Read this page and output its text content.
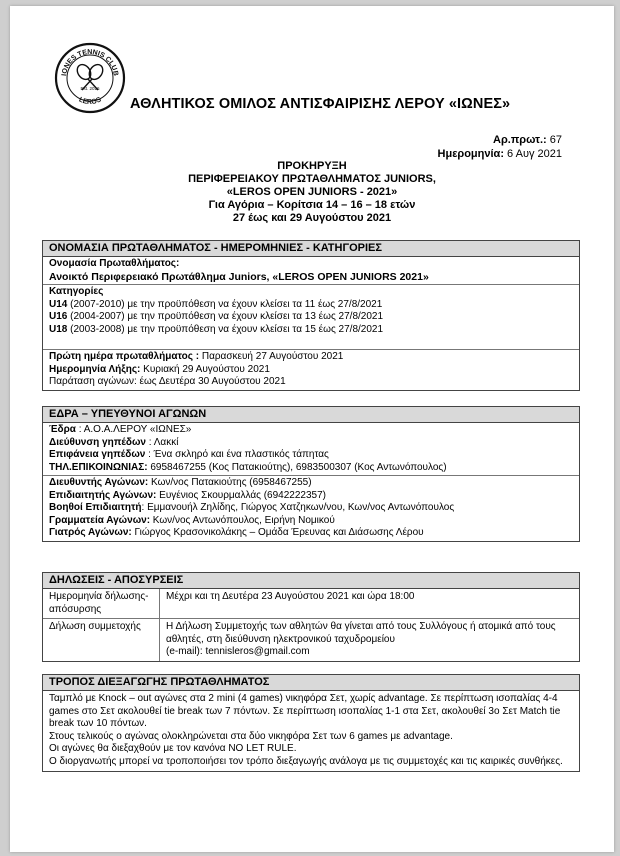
IONES TENNIS CLUB
LEROS
Est. 2016
ΑΘΛΗΤΙΚΟΣ ΟΜΙΛΟΣ ΑΝΤΙΣΦΑΙΡΙΣΗΣ ΛΕΡΟΥ «ΙΩΝΕΣ»
Αρ.πρωτ.: 67
Ημερομηνία: 6 Αυγ 2021
ΠΡΟΚΗΡΥΞΗ
ΠΕΡΙΦΕΡΕΙΑΚΟΥ ΠΡΩΤΑΘΛΗΜΑΤΟΣ JUNIORS,
«LEROS OPEN JUNIORS - 2021»
Για Αγόρια – Κορίτσια 14 – 16 – 18 ετών
27 έως και 29 Αυγούστου 2021
ΟΝΟΜΑΣΙΑ ΠΡΩΤΑΘΛΗΜΑΤΟΣ - ΗΜΕΡΟΜΗΝΙΕΣ - ΚΑΤΗΓΟΡΙΕΣ
Ονομασία Πρωταθλήματος:
Ανοικτό Περιφερειακό Πρωτάθλημα Juniors, «LEROS OPEN JUNIORS 2021»
Κατηγορίες
U14 (2007-2010) με την προϋπόθεση να έχουν κλείσει τα 11 έως 27/8/2021
U16 (2004-2007) με την προϋπόθεση να έχουν κλείσει τα 13 έως 27/8/2021
U18 (2003-2008) με την προϋπόθεση να έχουν κλείσει τα 15 έως 27/8/2021
Πρώτη ημέρα πρωταθλήματος : Παρασκευή 27 Αυγούστου 2021
Ημερομηνία Λήξης: Κυριακή 29 Αυγούστου 2021
Παράταση αγώνων: έως Δευτέρα 30 Αυγούστου 2021
ΕΔΡΑ – ΥΠΕΥΘΥΝΟΙ ΑΓΩΝΩΝ
Έδρα : Α.Ο.Α.ΛΕΡΟΥ «ΙΩΝΕΣ»
Διεύθυνση γηπέδων : Λακκί
Επιφάνεια γηπέδων : Ένα σκληρό και ένα πλαστικός τάπητας
ΤΗΛ.ΕΠΙΚΟΙΝΩΝΙΑΣ: 6958467255 (Κος Πατακιούτης), 6983500307 (Κος Αντωνόπουλος)
Διευθυντής Αγώνων: Κων/νος Πατακιούτης (6958467255)
Επιδιαιτητής Αγώνων: Ευγένιος Σκουρμαλλάς (6942222357)
Βοηθοί Επιδιαιτητή: Εμμανουήλ Ζηλίδης, Γιώργος Χατζηκων/νου, Κων/νος Αντωνόπουλος
Γραμματεία Αγώνων: Κων/νος Αντωνόπουλος, Ειρήνη Νομικού
Γιατρός Αγώνων: Γιώργος Κρασονικολάκης – Ομάδα Έρευνας και Διάσωσης Λέρου
ΔΗΛΩΣΕΙΣ - ΑΠΟΣΥΡΣΕΙΣ
Ημερομηνία δήλωσης-απόσυρσης	Μέχρι και τη Δευτέρα 23 Αυγούστου 2021 και ώρα 18:00
Δήλωση συμμετοχής	Η Δήλωση Συμμετοχής των αθλητών θα γίνεται από τους Συλλόγους ή ατομικά από τους αθλητές, στη διεύθυνση ηλεκτρονικού ταχυδρομείου
(e-mail): tennisleros@gmail.com
ΤΡΟΠΟΣ ΔΙΕΞΑΓΩΓΗΣ ΠΡΩΤΑΘΛΗΜΑΤΟΣ
Ταμπλό με Knock – out αγώνες στα 2 mini (4 games) νικηφόρα Σετ, χωρίς advantage. Σε περίπτωση ισοπαλίας 4-4 games στο Σετ ακολουθεί tie break των 7 πόντων. Σε περίπτωση ισοπαλίας 1-1 στα Σετ, ακολουθεί 3ο Σετ Match tie break των 10 πόντων.
Στους τελικούς ο αγώνας ολοκληρώνεται στα δύο νικηφόρα Σετ των 6 games με advantage.
Οι αγώνες θα διεξαχθούν με τον κανόνα NO LET RULE.
Ο διοργανωτής μπορεί να τροποποιήσει τον τρόπο διεξαγωγής ανάλογα με τις συμμετοχές και τις καιρικές συνθήκες.
